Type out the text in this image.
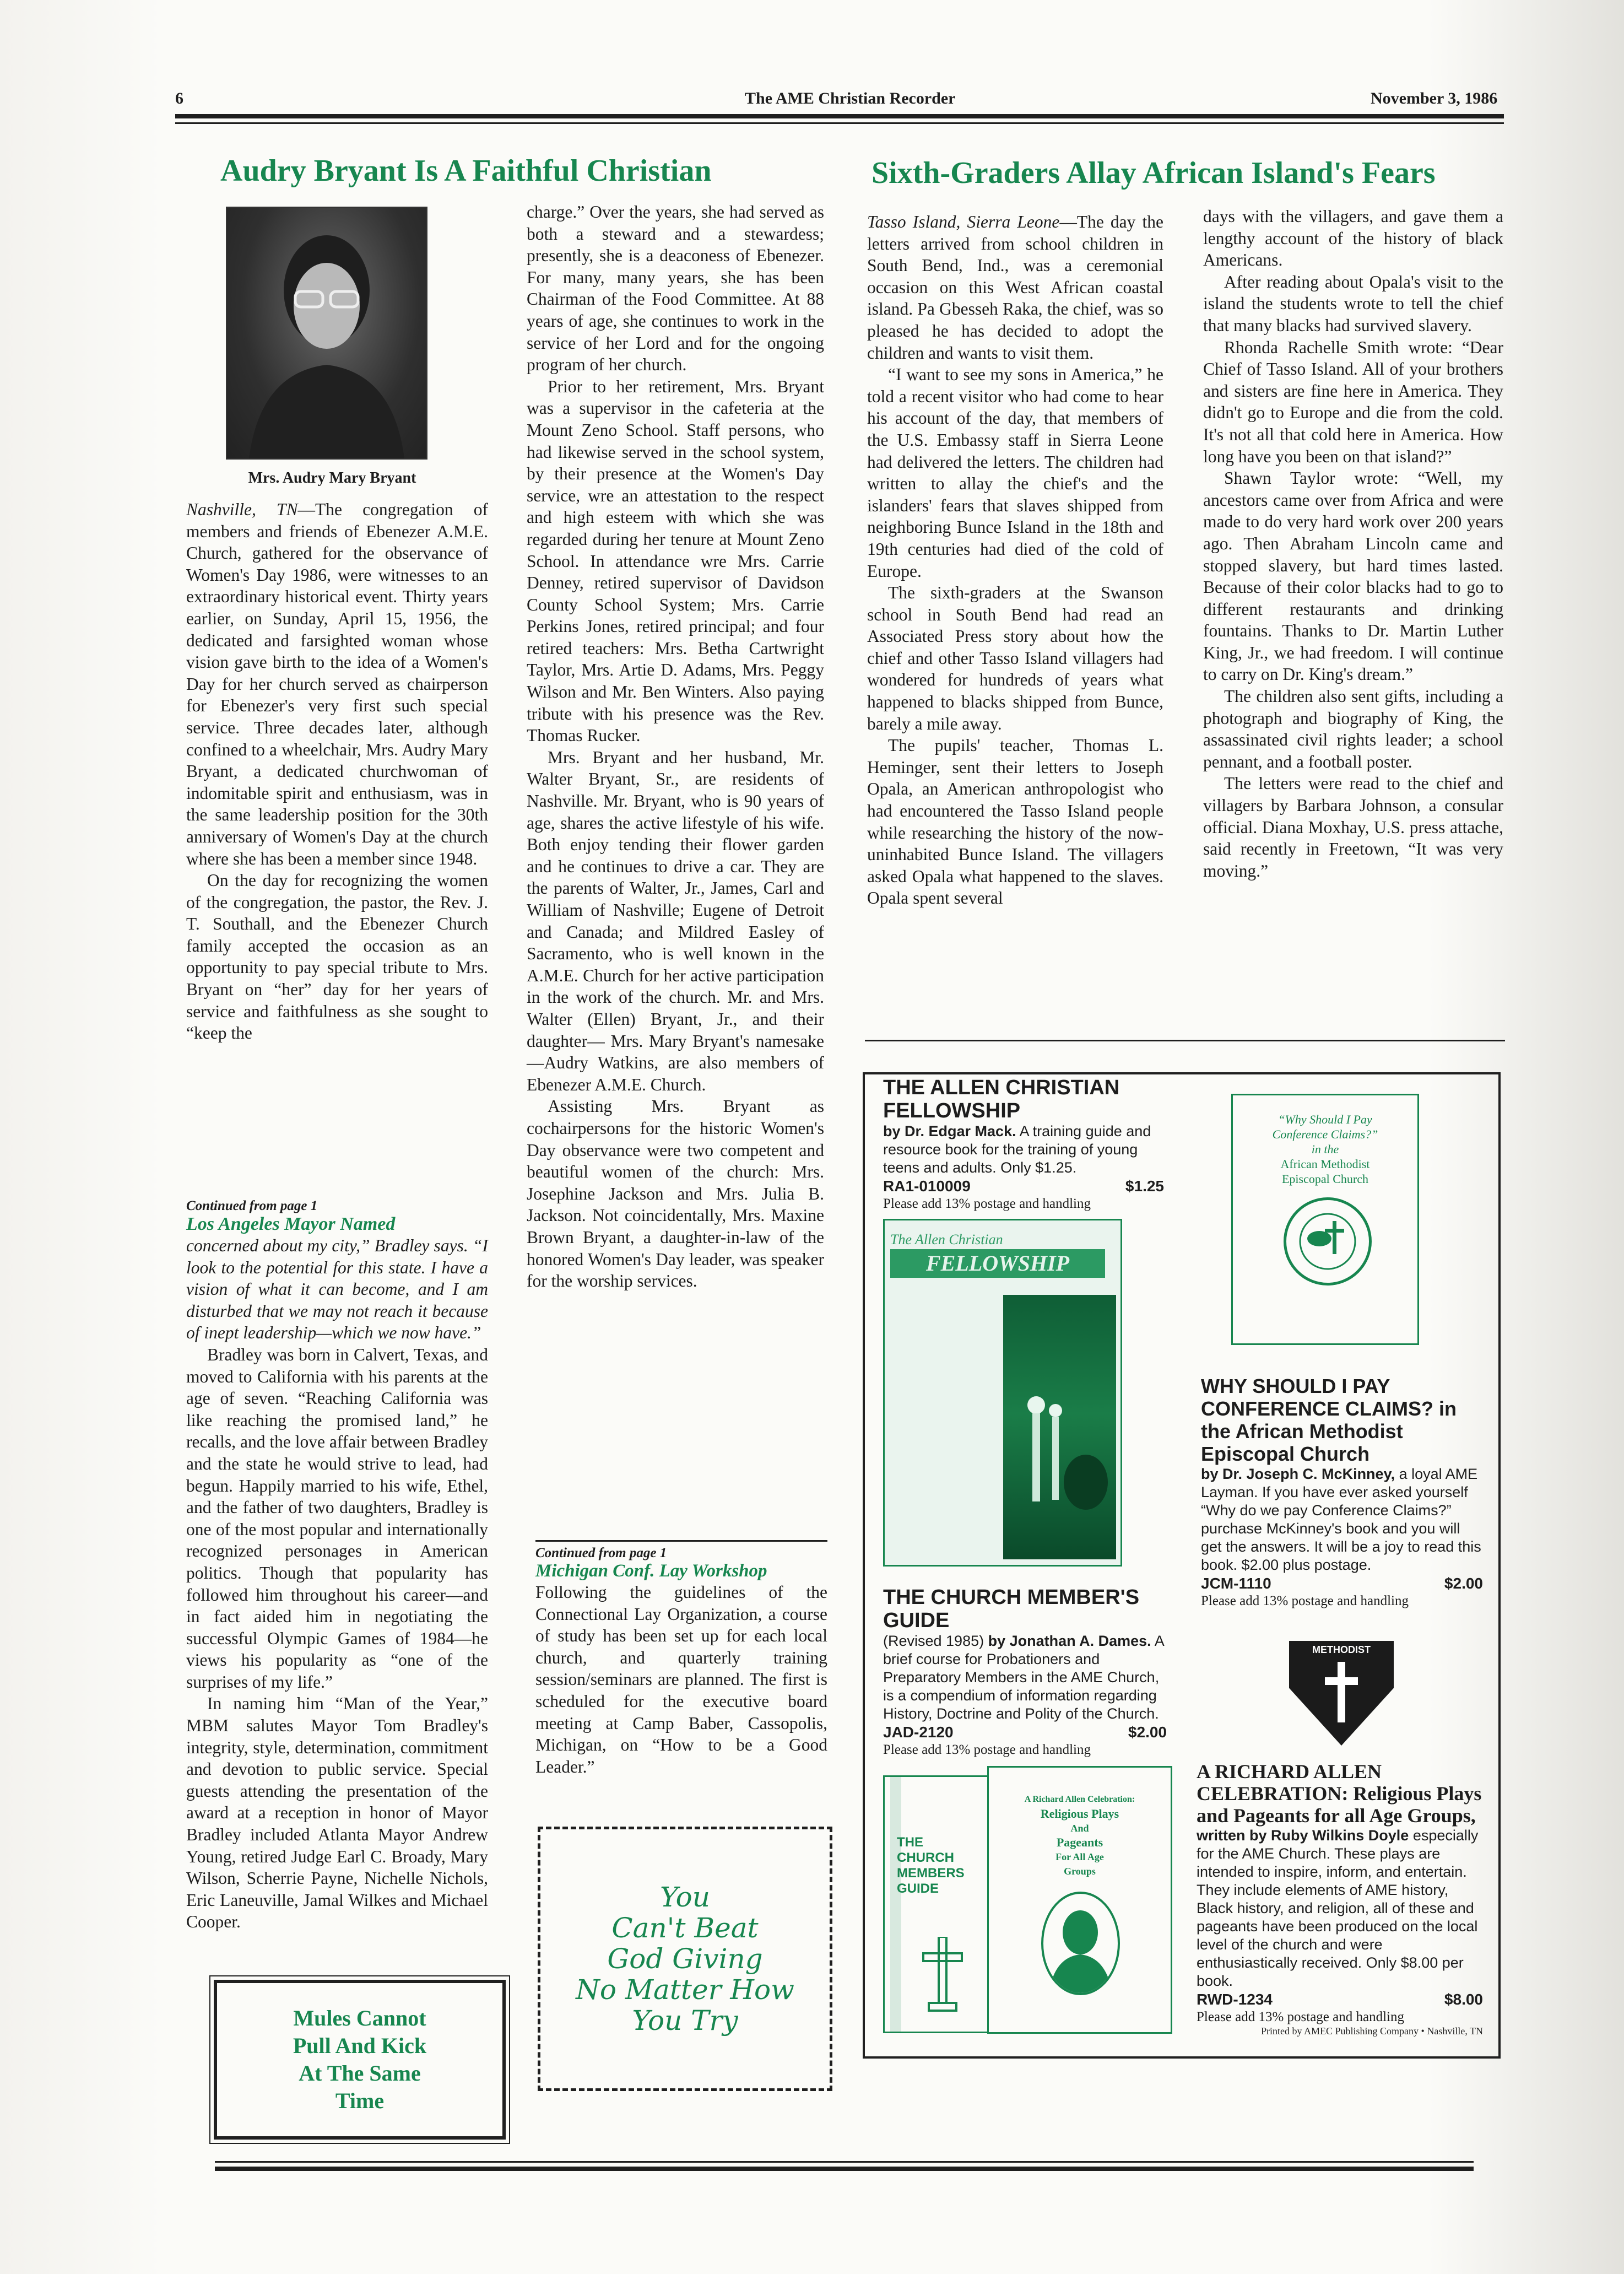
6	The AME Christian Recorder	November 3, 1986
Audry Bryant Is A Faithful Christian
Mrs. Audry Mary Bryant

Nashville, TN—The congregation of members and friends of Ebenezer A.M.E. Church, gathered for the observance of Women's Day 1986, were witnesses to an extraordinary historical event. Thirty years earlier, on Sunday, April 15, 1956, the dedicated and farsighted woman whose vision gave birth to the idea of a Women's Day for her church served as chairperson for Ebenezer's very first such special service. Three decades later, although confined to a wheelchair, Mrs. Audry Mary Bryant, a dedicated churchwoman of indomitable spirit and enthusiasm, was in the same leadership position for the 30th anniversary of Women's Day at the church where she has been a member since 1948.

On the day for recognizing the women of the congregation, the pastor, the Rev. J. T. Southall, and the Ebenezer Church family accepted the occasion as an opportunity to pay special tribute to Mrs. Bryant on “her” day for her years of service and faithfulness as she sought to “keep the

Continued from page 1
Los Angeles Mayor Named

concerned about my city,” Bradley says. “I look to the potential for this state. I have a vision of what it can become, and I am disturbed that we may not reach it because of inept leadership—which we now have.”

Bradley was born in Calvert, Texas, and moved to California with his parents at the age of seven. “Reaching California was like reaching the promised land,” he recalls, and the love affair between Bradley and the state he would strive to lead, had begun. Happily married to his wife, Ethel, and the father of two daughters, Bradley is one of the most popular and internationally recognized personages in American politics. Though that popularity has followed him throughout his career—and in fact aided him in negotiating the successful Olympic Games of 1984—he views his popularity as “one of the surprises of my life.”

In naming him “Man of the Year,” MBM salutes Mayor Tom Bradley's integrity, style, determination, commitment and devotion to public service. Special guests attending the presentation of the award at a reception in honor of Mayor Bradley included Atlanta Mayor Andrew Young, retired Judge Earl C. Broady, Mary Wilson, Scherrie Payne, Nichelle Nichols, Eric Laneuville, Jamal Wilkes and Michael Cooper.

Mules Cannot
Pull And Kick
At The Same
Time

charge.” Over the years, she had served as both a steward and a stewardess; presently, she is a deaconess of Ebenezer. For many, many years, she has been Chairman of the Food Committee. At 88 years of age, she continues to work in the service of her Lord and for the ongoing program of her church.

Prior to her retirement, Mrs. Bryant was a supervisor in the cafeteria at the Mount Zeno School. Staff persons, who had likewise served in the school system, by their presence at the Women's Day service, wre an attestation to the respect and high esteem with which she was regarded during her tenure at Mount Zeno School. In attendance wre Mrs. Carrie Denney, retired supervisor of Davidson County School System; Mrs. Carrie Perkins Jones, retired principal; and four retired teachers: Mrs. Betha Cartwright Taylor, Mrs. Artie D. Adams, Mrs. Peggy Wilson and Mr. Ben Winters. Also paying tribute with his presence was the Rev. Thomas Rucker.

Mrs. Bryant and her husband, Mr. Walter Bryant, Sr., are residents of Nashville. Mr. Bryant, who is 90 years of age, shares the active lifestyle of his wife. Both enjoy tending their flower garden and he continues to drive a car. They are the parents of Walter, Jr., James, Carl and William of Nashville; Eugene of Detroit and Canada; and Mildred Easley of Sacramento, who is well known in the A.M.E. Church for her active participation in the work of the church. Mr. and Mrs. Walter (Ellen) Bryant, Jr., and their daughter— Mrs. Mary Bryant's namesake—Audry Watkins, are also members of Ebenezer A.M.E. Church.

Assisting Mrs. Bryant as cochairpersons for the historic Women's Day observance were two competent and beautiful women of the church: Mrs. Josephine Jackson and Mrs. Julia B. Jackson. Not coincidentally, Mrs. Maxine Brown Bryant, a daughter-in-law of the honored Women's Day leader, was speaker for the worship services.

Continued from page 1
Michigan Conf. Lay Workshop

Following the guidelines of the Connectional Lay Organization, a course of study has been set up for each local church, and quarterly training session/seminars are planned. The first is scheduled for the executive board meeting at Camp Baber, Cassopolis, Michigan, on “How to be a Good Leader.”

You
Can't Beat
God Giving
No Matter How
You Try
Sixth-Graders Allay African Island's Fears

Tasso Island, Sierra Leone—The day the letters arrived from school children in South Bend, Ind., was a ceremonial occasion on this West African coastal island. Pa Gbesseh Raka, the chief, was so pleased he has decided to adopt the children and wants to visit them.

“I want to see my sons in America,” he told a recent visitor who had come to hear his account of the day, that members of the U.S. Embassy staff in Sierra Leone had delivered the letters. The children had written to allay the chief's and the islanders' fears that slaves shipped from neighboring Bunce Island in the 18th and 19th centuries had died of the cold of Europe.

The sixth-graders at the Swanson school in South Bend had read an Associated Press story about how the chief and other Tasso Island villagers had wondered for hundreds of years what happened to blacks shipped from Bunce, barely a mile away.

The pupils' teacher, Thomas L. Heminger, sent their letters to Joseph Opala, an American anthropologist who had encountered the Tasso Island people while researching the history of the now-uninhabited Bunce Island. The villagers asked Opala what happened to the slaves. Opala spent several

days with the villagers, and gave them a lengthy account of the history of black Americans.

After reading about Opala's visit to the island the students wrote to tell the chief that many blacks had survived slavery.

Rhonda Rachelle Smith wrote: “Dear Chief of Tasso Island. All of your brothers and sisters are fine here in America. They didn't go to Europe and die from the cold. It's not all that cold here in America. How long have you been on that island?”

Shawn Taylor wrote: “Well, my ancestors came over from Africa and were made to do very hard work over 200 years ago. Then Abraham Lincoln came and stopped slavery, but hard times lasted. Because of their color blacks had to go to different restaurants and drinking fountains. Thanks to Dr. Martin Luther King, Jr., we had freedom. I will continue to carry on Dr. King's dream.”

The children also sent gifts, including a photograph and biography of King, the assassinated civil rights leader; a school pennant, and a football poster.

The letters were read to the chief and villagers by Barbara Johnson, a consular official. Diana Moxhay, U.S. press attache, said recently in Freetown, “It was very moving.”

THE ALLEN CHRISTIAN FELLOWSHIP
by Dr. Edgar Mack. A training guide and resource book for the training of young teens and adults. Only $1.25.
RA1-010009	$1.25
Please add 13% postage and handling
The Allen Christian
FELLOWSHIP
THE CHURCH MEMBER'S GUIDE
(Revised 1985) by Jonathan A. Dames. A brief course for Probationers and Preparatory Members in the AME Church, is a compendium of information regarding History, Doctrine and Polity of the Church.
JAD-2120	$2.00
Please add 13% postage and handling
THE
CHURCH
MEMBERS
GUIDE
“Why Should I Pay
Conference Claims?”
in the
African Methodist
Episcopal Church
WHY SHOULD I PAY CONFERENCE CLAIMS? in the African Methodist Episcopal Church
by Dr. Joseph C. McKinney, a loyal AME Layman. If you have ever asked yourself “Why do we pay Conference Claims?” purchase McKinney's book and you will get the answers. It will be a joy to read this book. $2.00 plus postage.
JCM-1110	$2.00
Please add 13% postage and handling
METHODIST
A Richard Allen Celebration:
Religious Plays
And
Pageants
For All Age
Groups
A RICHARD ALLEN CELEBRATION: Religious Plays and Pageants for all Age Groups,
written by Ruby Wilkins Doyle especially for the AME Church. These plays are intended to inspire, inform, and entertain. They include elements of AME history, Black history, and religion, all of these and pageants have been produced on the local level of the church and were enthusiastically received. Only $8.00 per book.
RWD-1234	$8.00
Please add 13% postage and handling
Printed by AMEC Publishing Company • Nashville, TN
